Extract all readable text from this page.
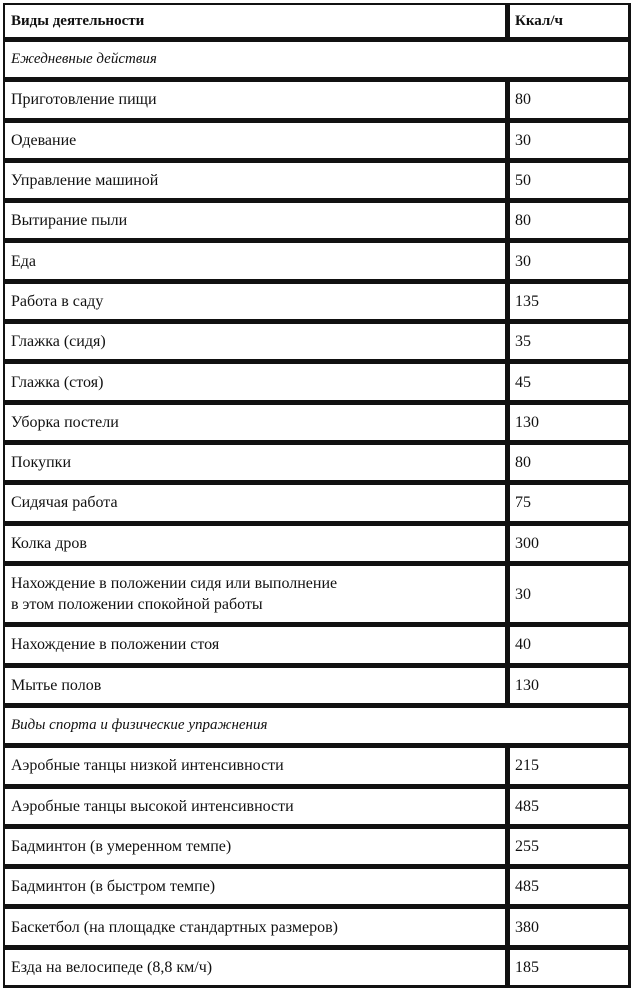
Виды деятельности	Ккал/ч
Ежедневные действия	
Приготовление пищи	80
Одевание	30
Управление машиной	50
Вытирание пыли	80
Еда	30
Работа в саду	135
Глажка (сидя)	35
Глажка (стоя)	45
Уборка постели	130
Покупки	80
Сидячая работа	75
Колка дров	300
Нахождение в положении сидя или выполнение
в этом положении спокойной работы	30
Нахождение в положении стоя	40
Мытье полов	130
Виды спорта и физические упражнения	
Аэробные танцы низкой интенсивности	215
Аэробные танцы высокой интенсивности	485
Бадминтон (в умеренном темпе)	255
Бадминтон (в быстром темпе)	485
Баскетбол (на площадке стандартных размеров)	380
Езда на велосипеде (8,8 км/ч)	185
